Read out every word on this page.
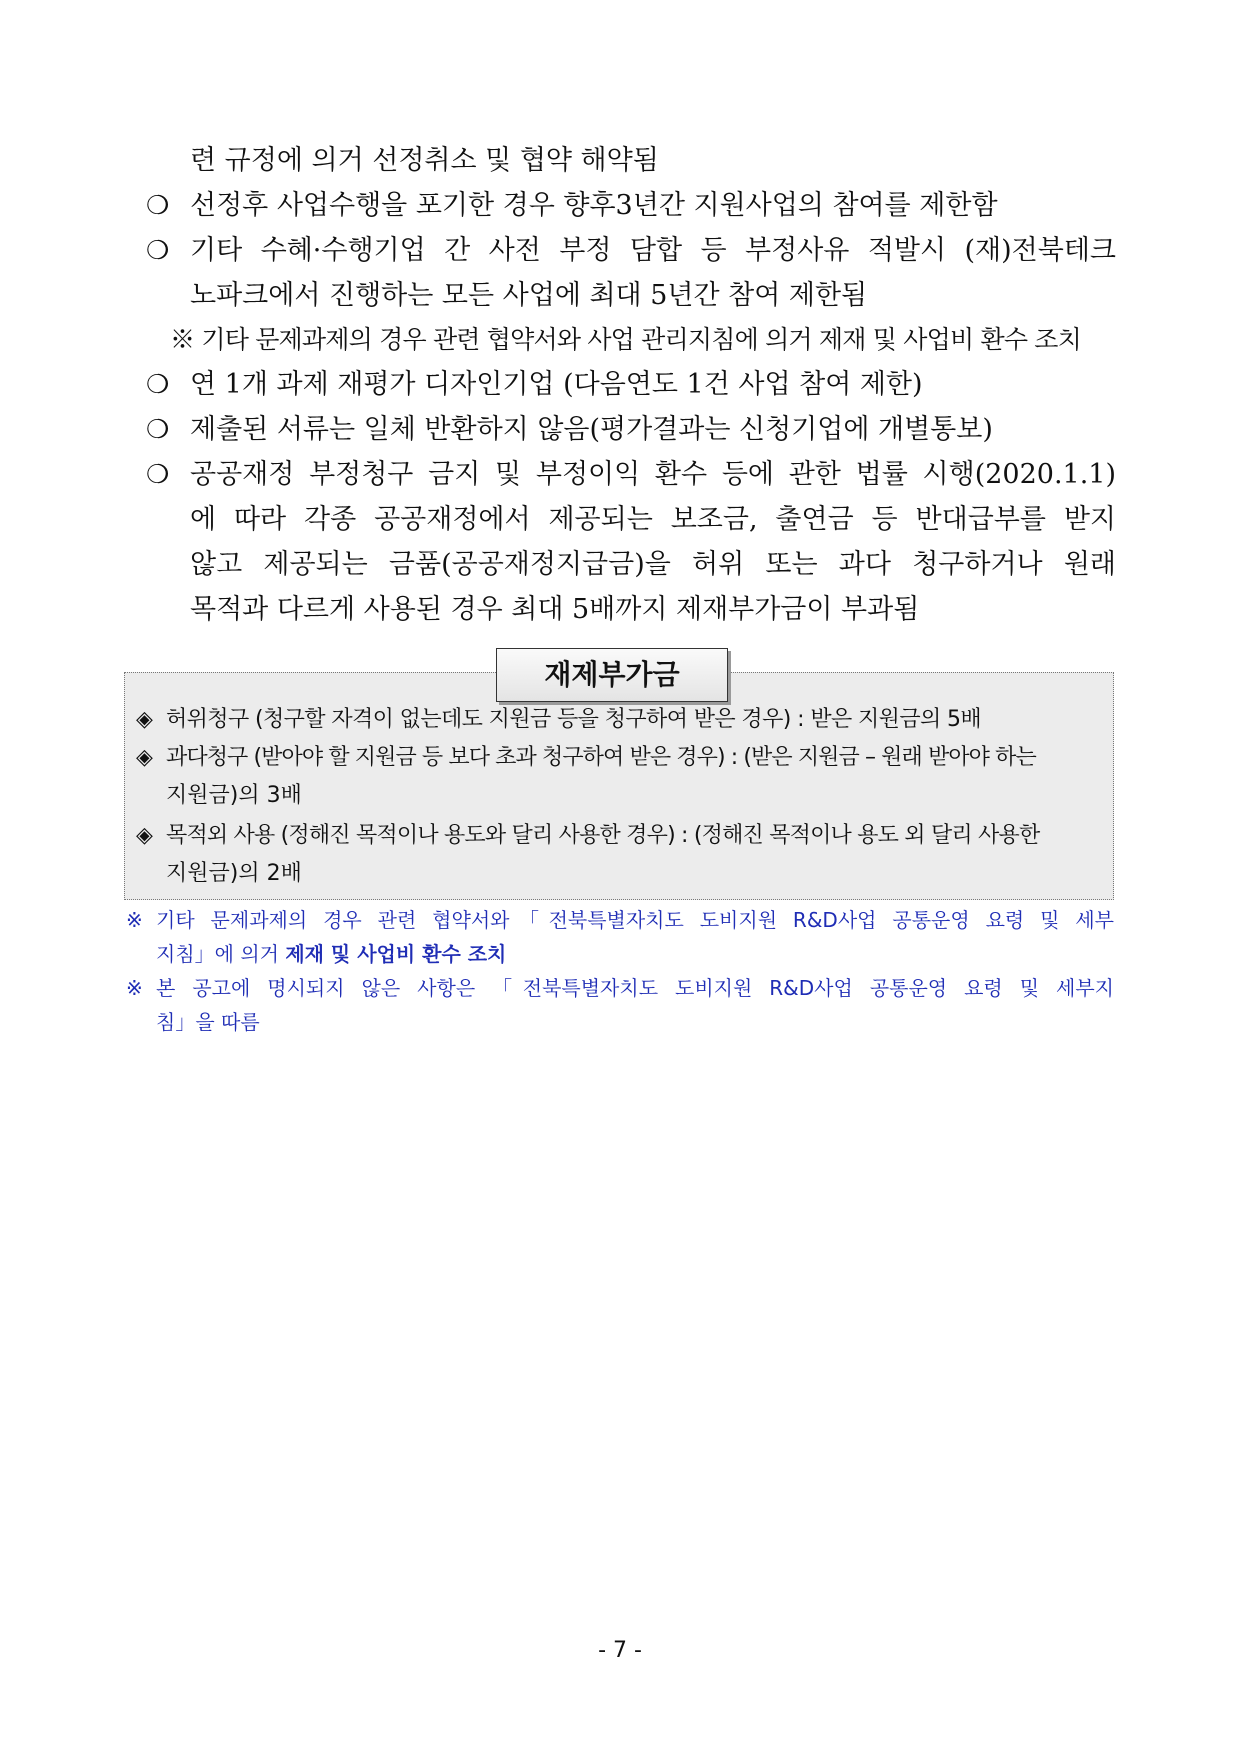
련 규정에 의거 선정취소 및 협약 해약됨
❍ 선정후 사업수행을 포기한 경우 향후3년간 지원사업의 참여를 제한함
❍ 기타 수혜·수행기업 간 사전 부정 담합 등 부정사유 적발시 (재)전북테크
노파크에서 진행하는 모든 사업에 최대 5년간 참여 제한됨
※ 기타 문제과제의 경우 관련 협약서와 사업 관리지침에 의거 제재 및 사업비 환수 조치
❍ 연 1개 과제 재평가 디자인기업 (다음연도 1건 사업 참여 제한)
❍ 제출된 서류는 일체 반환하지 않음(평가결과는 신청기업에 개별통보)
❍ 공공재정 부정청구 금지 및 부정이익 환수 등에 관한 법률 시행(2020.1.1)
에 따라 각종 공공재정에서 제공되는 보조금, 출연금 등 반대급부를 받지
않고 제공되는 금품(공공재정지급금)을 허위 또는 과다 청구하거나 원래
목적과 다르게 사용된 경우 최대 5배까지 제재부가금이 부과됨
재제부가금
◈ 허위청구 (청구할 자격이 없는데도 지원금 등을 청구하여 받은 경우) : 받은 지원금의 5배
◈ 과다청구 (받아야 할 지원금 등 보다 초과 청구하여 받은 경우) : (받은 지원금 – 원래 받아야 하는
지원금)의 3배
◈ 목적외 사용 (정해진 목적이나 용도와 달리 사용한 경우) : (정해진 목적이나 용도 외 달리 사용한
지원금)의 2배
※ 기타 문제과제의 경우 관련 협약서와「전북특별자치도 도비지원 R&D사업 공통운영 요령 및 세부
지침」에 의거 제재 및 사업비 환수 조치
※ 본 공고에 명시되지 않은 사항은 「전북특별자치도 도비지원 R&D사업 공통운영 요령 및 세부지
침」을 따름
- 7 -
